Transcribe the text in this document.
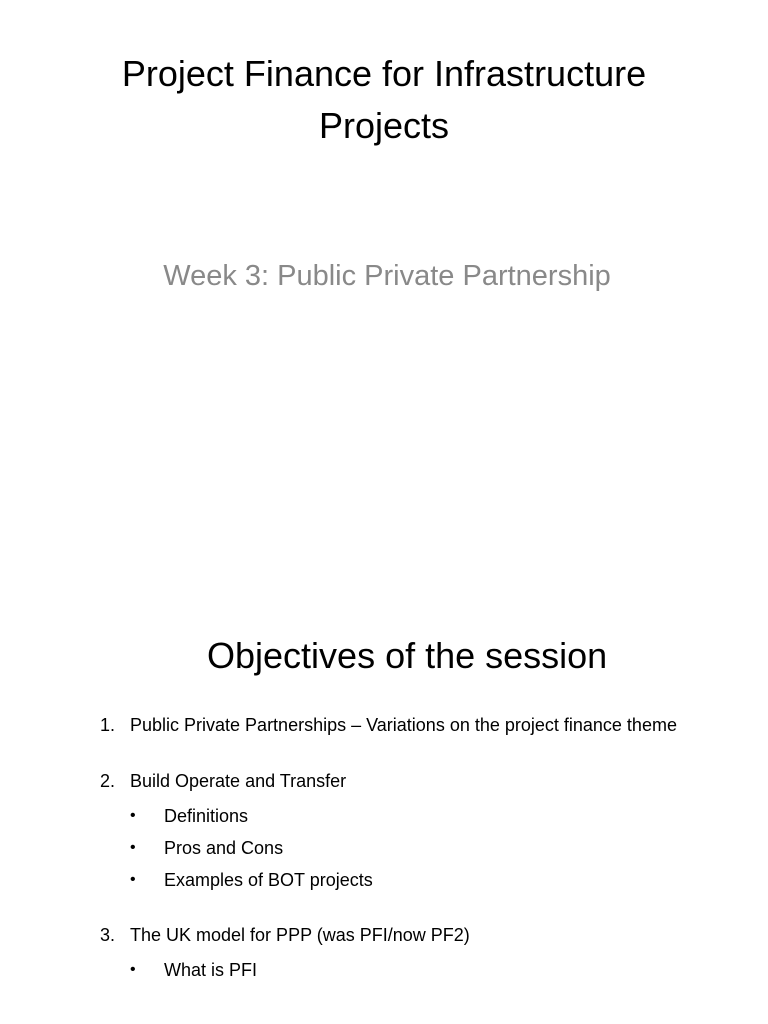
Project Finance for Infrastructure
Projects

Week 3: Public Private Partnership

Objectives of the session
1. Public Private Partnerships – Variations on the project finance theme
2. Build Operate and Transfer
• Definitions
• Pros and Cons
• Examples of BOT projects
3. The UK model for PPP (was PFI/now PF2)
• What is PFI
